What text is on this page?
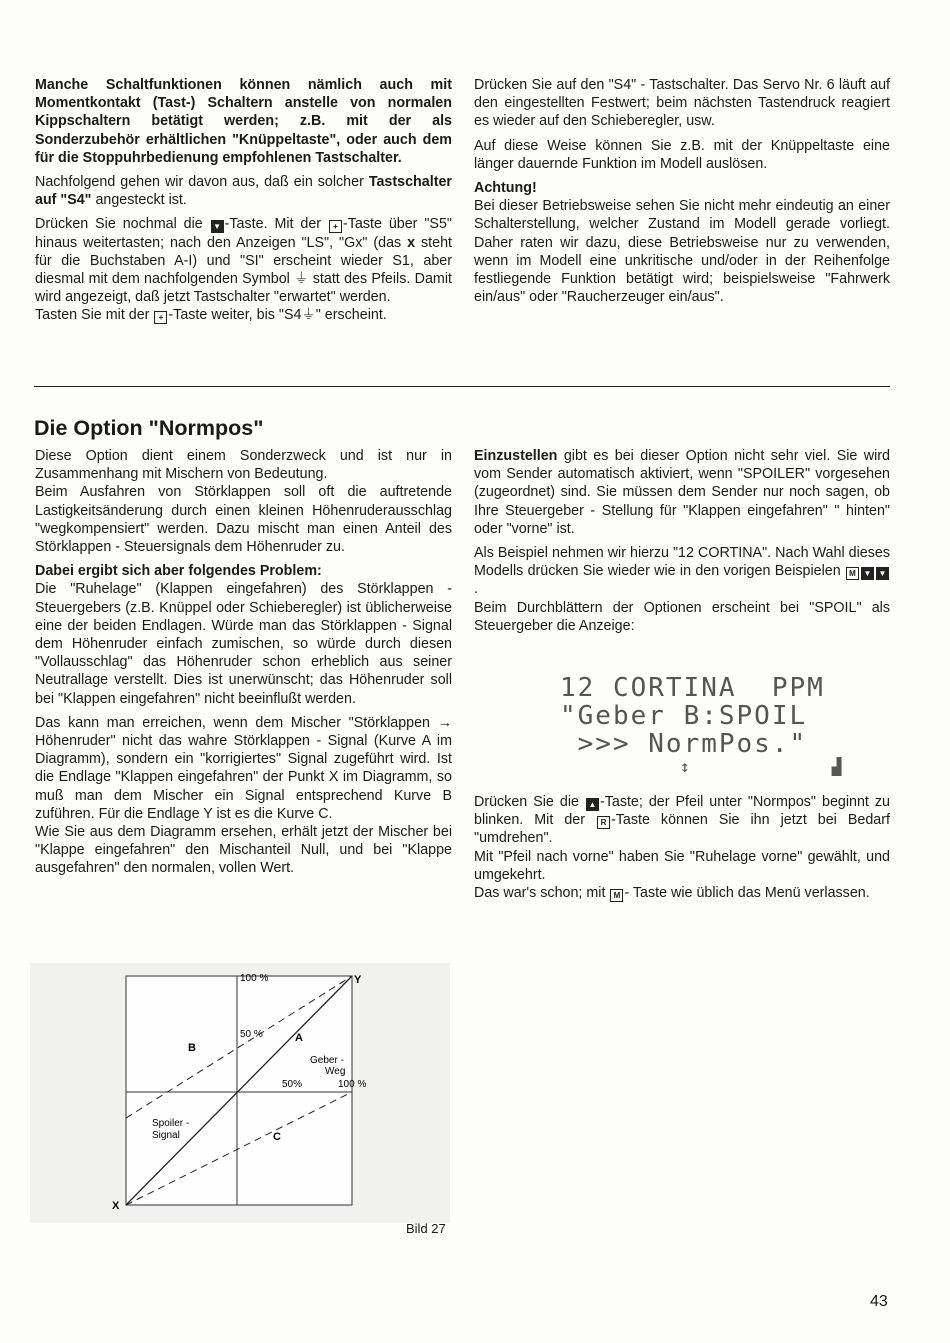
Manche Schaltfunktionen können nämlich auch mit Momentkontakt (Tast-) Schaltern anstelle von normalen Kippschaltern betätigt werden; z.B. mit der als Sonderzubehör erhältlichen "Knüppeltaste", oder auch dem für die Stoppuhrbedienung empfohlenen Tastschalter.

Nachfolgend gehen wir davon aus, daß ein solcher Tastschalter auf "S4" angesteckt ist.

Drücken Sie nochmal die ▼ -Taste. Mit der + -Taste über "S5" hinaus weitertasten; nach den Anzeigen "LS", "Gx" (das x steht für die Buchstaben A-I) und "SI" erscheint wieder S1, aber diesmal mit dem nachfolgenden Symbol ⏚ statt des Pfeils. Damit wird angezeigt, daß jetzt Tastschalter "erwartet" werden.

Tasten Sie mit der + -Taste weiter, bis "S4⏚" erscheint.

Drücken Sie auf den "S4" - Tastschalter. Das Servo Nr. 6 läuft auf den eingestellten Festwert; beim nächsten Tastendruck reagiert es wieder auf den Schieberegler, usw.

Auf diese Weise können Sie z.B. mit der Knüppeltaste eine länger dauernde Funktion im Modell auslösen.

Achtung!

Bei dieser Betriebsweise sehen Sie nicht mehr eindeutig an einer Schalterstellung, welcher Zustand im Modell gerade vorliegt. Daher raten wir dazu, diese Betriebsweise nur zu verwenden, wenn im Modell eine unkritische und/oder in der Reihenfolge festliegende Funktion betätigt wird; beispielsweise "Fahrwerk ein/aus" oder "Raucherzeuger ein/aus".

Die Option "Normpos"

Diese Option dient einem Sonderzweck und ist nur in Zusammenhang mit Mischern von Bedeutung.

Beim Ausfahren von Störklappen soll oft die auftretende Lastigkeitsänderung durch einen kleinen Höhenruderausschlag "wegkompensiert" werden. Dazu mischt man einen Anteil des Störklappen - Steuersignals dem Höhenruder zu.

Dabei ergibt sich aber folgendes Problem:

Die "Ruhelage" (Klappen eingefahren) des Störklappen - Steuergebers (z.B. Knüppel oder Schieberegler) ist üblicherweise eine der beiden Endlagen. Würde man das Störklappen - Signal dem Höhenruder einfach zumischen, so würde durch diesen "Vollausschlag" das Höhenruder schon erheblich aus seiner Neutrallage verstellt. Dies ist unerwünscht; das Höhenruder soll bei "Klappen eingefahren" nicht beeinflußt werden.

Das kann man erreichen, wenn dem Mischer "Störklappen → Höhenruder" nicht das wahre Störklappen - Signal (Kurve A im Diagramm), sondern ein "korrigiertes" Signal zugeführt wird. Ist die Endlage "Klappen eingefahren" der Punkt X im Diagramm, so muß man dem Mischer ein Signal entsprechend Kurve B zuführen. Für die Endlage Y ist es die Kurve C.

Wie Sie aus dem Diagramm ersehen, erhält jetzt der Mischer bei "Klappe eingefahren" den Mischanteil Null, und bei "Klappe ausgefahren" den normalen, vollen Wert.

Einzustellen gibt es bei dieser Option nicht sehr viel. Sie wird vom Sender automatisch aktiviert, wenn "SPOILER" vorgesehen (zugeordnet) sind. Sie müssen dem Sender nur noch sagen, ob Ihre Steuergeber - Stellung für "Klappen eingefahren" " hinten" oder "vorne" ist.

Als Beispiel nehmen wir hierzu "12 CORTINA". Nach Wahl dieses Modells drücken Sie wieder wie in den vorigen Beispielen M ▼ ▼.

Beim Durchblättern der Optionen erscheint bei "SPOIL" als Steuergeber die Anzeige:

12 CORTINA  PPM
"Geber B:SPOIL
>>> NormPos."
↕	▟

Drücken Sie die ▲ -Taste; der Pfeil unter "Normpos" beginnt zu blinken. Mit der R -Taste können Sie ihn jetzt bei Bedarf "umdrehen".

Mit "Pfeil nach vorne" haben Sie "Ruhelage vorne" gewählt, und umgekehrt.

Das war's schon; mit M - Taste wie üblich das Menü verlassen.

100 %	Y
50 %
B
A
Geber -
Weg
50%	100 %
Spoiler -
Signal	C
X
Bild 27
43
